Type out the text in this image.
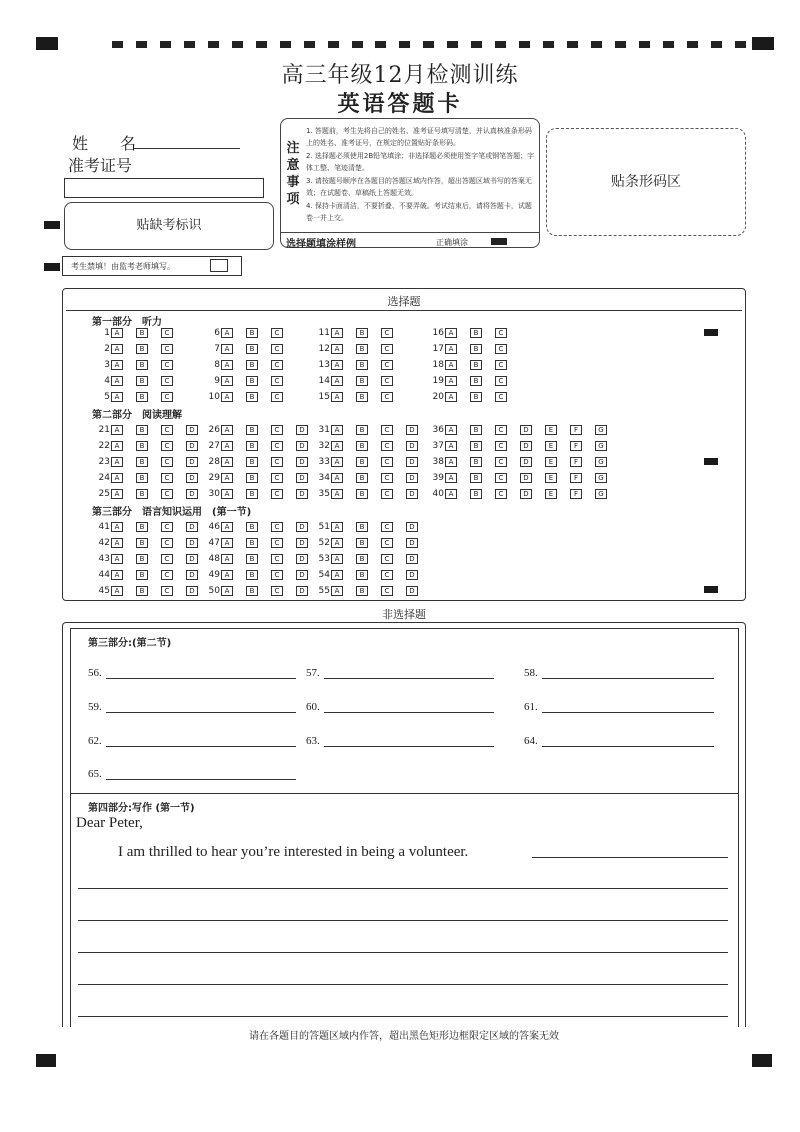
高三年级12月检测训练
英语答题卡
姓　　名
准考证号
贴缺考标识
注
意
事
项
1. 答题前，考生先将自己的姓名、准考证号填写清楚，并认真核准条形码上的姓名、准考证号，在规定的位置贴好条形码。
2. 选择题必须使用2B铅笔填涂；非选择题必须使用签字笔或钢笔答题；字体工整、笔迹清楚。
3. 请按题号顺序在各题目的答题区域内作答，超出答题区域书写的答案无效；在试题卷、草稿纸上答题无效。
4. 保持卡面清洁，不要折叠、不要弄破。考试结束后，请将答题卡，试题卷一并上交。
选择题填涂样例	正确填涂
贴条形码区
考生禁填！由监考老师填写。
选择题
第一部分　听力
第二部分　阅读理解
第三部分　语言知识运用　(第一节)
1 A	B	C
2 A	B	C
3 A	B	C
4 A	B	C
5 A	B	C
6 A	B	C
7 A	B	C
8 A	B	C
9 A	B	C
10 A	B	C
11 A	B	C
12 A	B	C
13 A	B	C
14 A	B	C
15 A	B	C
16 A	B	C
17 A	B	C
18 A	B	C
19 A	B	C
20 A	B	C
21 A	B	C	D
22 A	B	C	D
23 A	B	C	D
24 A	B	C	D
25 A	B	C	D
26 A	B	C	D
27 A	B	C	D
28 A	B	C	D
29 A	B	C	D
30 A	B	C	D
31 A	B	C	D
32 A	B	C	D
33 A	B	C	D
34 A	B	C	D
35 A	B	C	D
36 A	B	C	D	E	F	G
37 A	B	C	D	E	F	G
38 A	B	C	D	E	F	G
39 A	B	C	D	E	F	G
40 A	B	C	D	E	F	G
41 A	B	C	D
42 A	B	C	D
43 A	B	C	D
44 A	B	C	D
45 A	B	C	D
46 A	B	C	D
47 A	B	C	D
48 A	B	C	D
49 A	B	C	D
50 A	B	C	D
51 A	B	C	D
52 A	B	C	D
53 A	B	C	D
54 A	B	C	D
55 A	B	C	D
非选择题
第三部分:(第二节)
56.	57.	58.
59.	60.	61.
62.	63.	64.
65.
第四部分:写作 (第一节)
Dear Peter,
I am thrilled to hear you’re interested in being a volunteer.
请在各题目的答题区域内作答，超出黑色矩形边框限定区域的答案无效
